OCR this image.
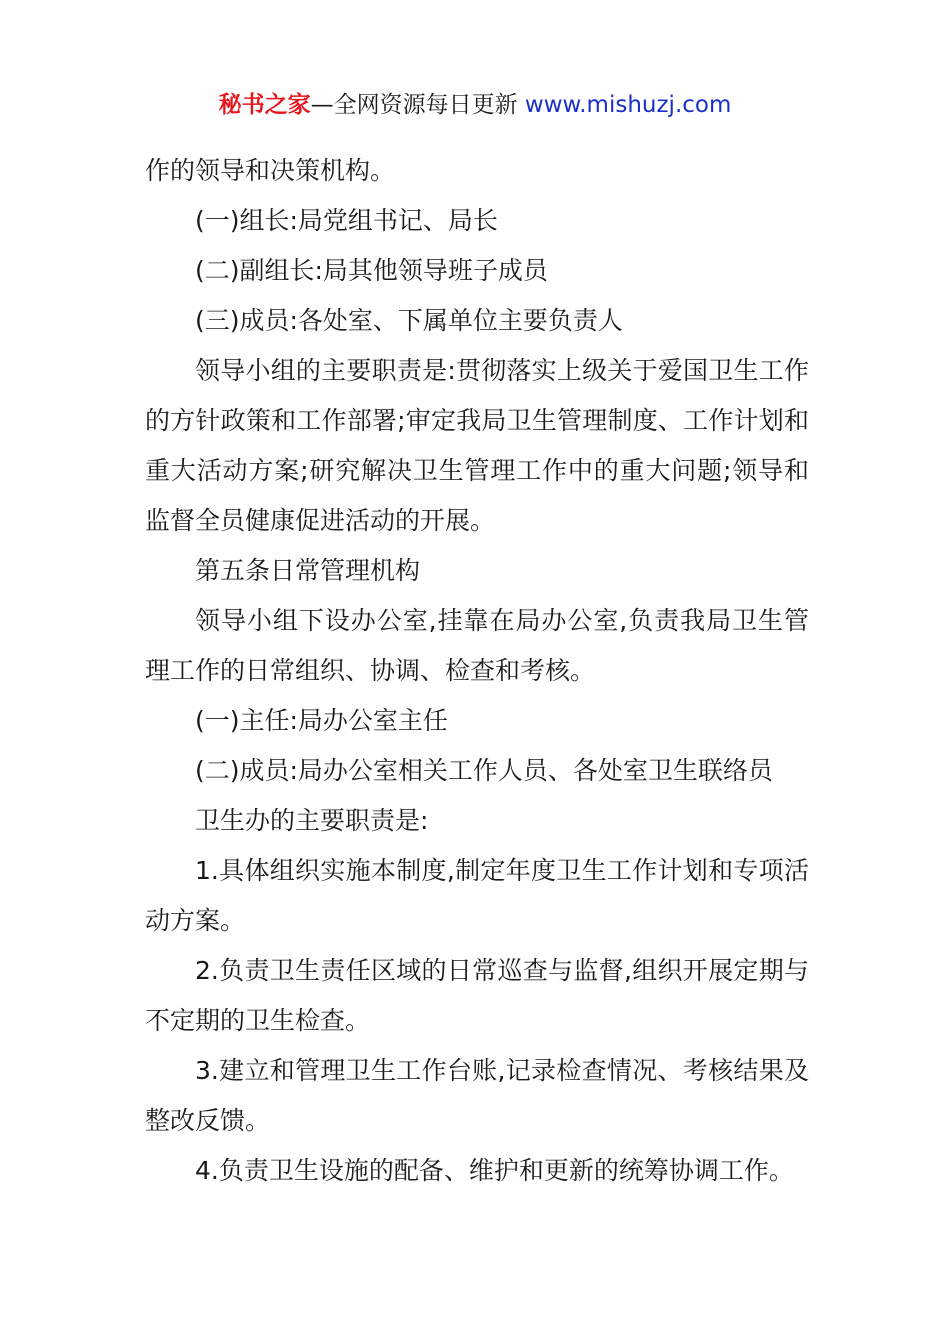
秘书之家—全网资源每日更新 www.mishuzj.com

作的领导和决策机构。

(一)组长:局党组书记、局长

(二)副组长:局其他领导班子成员

(三)成员:各处室、下属单位主要负责人

领导小组的主要职责是:贯彻落实上级关于爱国卫生工作的方针政策和工作部署;审定我局卫生管理制度、工作计划和重大活动方案;研究解决卫生管理工作中的重大问题;领导和监督全员健康促进活动的开展。

第五条日常管理机构

领导小组下设办公室,挂靠在局办公室,负责我局卫生管理工作的日常组织、协调、检查和考核。

(一)主任:局办公室主任

(二)成员:局办公室相关工作人员、各处室卫生联络员

卫生办的主要职责是:

1.具体组织实施本制度,制定年度卫生工作计划和专项活动方案。

2.负责卫生责任区域的日常巡查与监督,组织开展定期与不定期的卫生检查。

3.建立和管理卫生工作台账,记录检查情况、考核结果及整改反馈。

4.负责卫生设施的配备、维护和更新的统筹协调工作。
